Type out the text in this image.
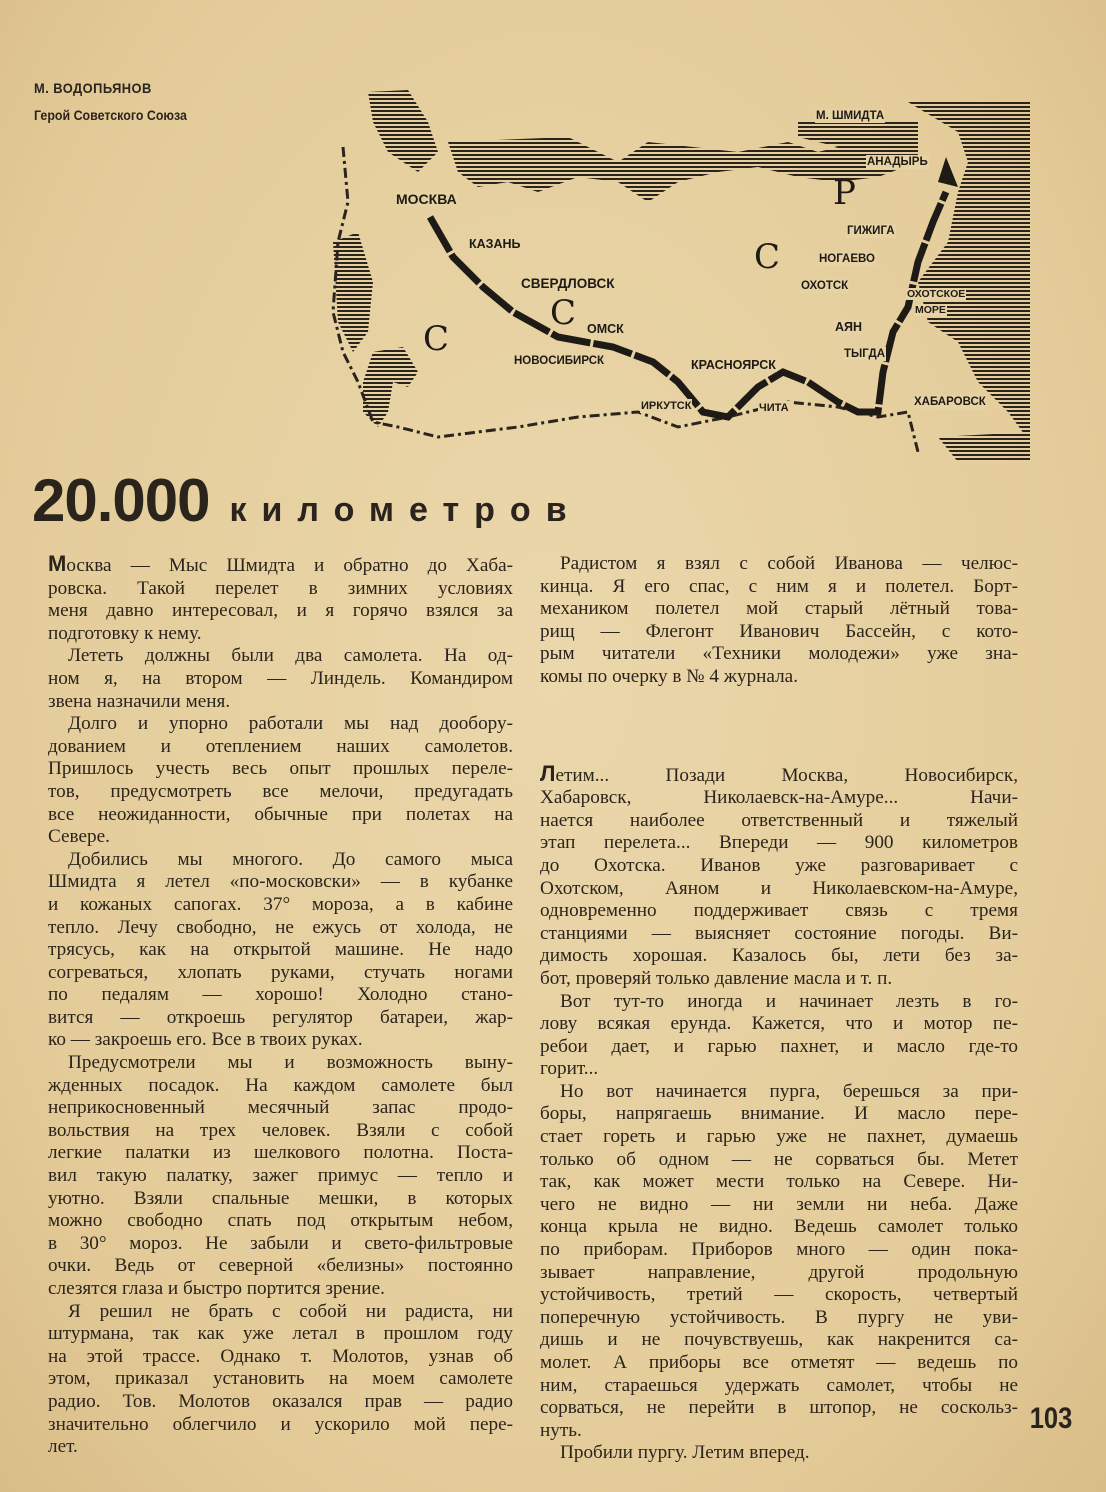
М. ВОДОПЬЯНОВ
Герой Советского Союза
МОСКВА
КАЗАНЬ
СВЕРДЛОВСК
ОМСК
НОВОСИБИРСК	КРАСНОЯРСК
ИРКУТСК	ЧИТА	ХАБАРОВСК
ТЫГДА
АЯН
ОХОТСК
НОГАЕВО
ГИЖИГА
АНАДЫРЬ
М. ШМИДТА
ОХОТСКОЕ
МОРЕ
С
С
С
Р
20.000 километров
Москва — Мыс Шмидта и обратно до Хаба-
ровска. Такой перелет в зимних условиях
меня давно интересовал, и я горячо взялся за
подготовку к нему.
Лететь должны были два самолета. На од-
ном я, на втором — Линдель. Командиром
звена назначили меня.
Долго и упорно работали мы над дообору-
дованием и отеплением наших самолетов.
Пришлось учесть весь опыт прошлых переле-
тов, предусмотреть все мелочи, предугадать
все неожиданности, обычные при полетах на
Севере.
Добились мы многого. До самого мыса
Шмидта я летел «по-московски» — в кубанке
и кожаных сапогах. 37° мороза, а в кабине
тепло. Лечу свободно, не ежусь от холода, не
трясусь, как на открытой машине. Не надо
согреваться, хлопать руками, стучать ногами
по педалям — хорошо! Холодно стано-
вится — откроешь регулятор батареи, жар-
ко — закроешь его. Все в твоих руках.
Предусмотрели мы и возможность выну-
жденных посадок. На каждом самолете был
неприкосновенный месячный запас продо-
вольствия на трех человек. Взяли с собой
легкие палатки из шелкового полотна. Поста-
вил такую палатку, зажег примус — тепло и
уютно. Взяли спальные мешки, в которых
можно свободно спать под открытым небом,
в 30° мороз. Не забыли и свето-фильтровые
очки. Ведь от северной «белизны» постоянно
слезятся глаза и быстро портится зрение.
Я решил не брать с собой ни радиста, ни
штурмана, так как уже летал в прошлом году
на этой трассе. Однако т. Молотов, узнав об
этом, приказал установить на моем самолете
радио. Тов. Молотов оказался прав — радио
значительно облегчило и ускорило мой пере-
лет.
Радистом я взял с собой Иванова — челюс-
кинца. Я его спас, с ним я и полетел. Борт-
механиком полетел мой старый лётный това-
рищ — Флегонт Иванович Бассейн, с кото-
рым читатели «Техники молодежи» уже зна-
комы по очерку в № 4 журнала.
Летим... Позади Москва, Новосибирск,
Хабаровск, Николаевск-на-Амуре... Начи-
нается наиболее ответственный и тяжелый
этап перелета... Впереди — 900 километров
до Охотска. Иванов уже разговаривает с
Охотском, Аяном и Николаевском-на-Амуре,
одновременно поддерживает связь с тремя
станциями — выясняет состояние погоды. Ви-
димость хорошая. Казалось бы, лети без за-
бот, проверяй только давление масла и т. п.
Вот тут-то иногда и начинает лезть в го-
лову всякая ерунда. Кажется, что и мотор пе-
ребои дает, и гарью пахнет, и масло где-то
горит...
Но вот начинается пурга, берешься за при-
боры, напрягаешь внимание. И масло пере-
стает гореть и гарью уже не пахнет, думаешь
только об одном — не сорваться бы. Метет
так, как может мести только на Севере. Ни-
чего не видно — ни земли ни неба. Даже
конца крыла не видно. Ведешь самолет только
по приборам. Приборов много — один пока-
зывает направление, другой продольную
устойчивость, третий — скорость, четвертый
поперечную устойчивость. В пургу не уви-
дишь и не почувствуешь, как накренится са-
молет. А приборы все отметят — ведешь по
ним, стараешься удержать самолет, чтобы не
сорваться, не перейти в штопор, не соскольз-
нуть.
Пробили пургу. Летим вперед.
103
